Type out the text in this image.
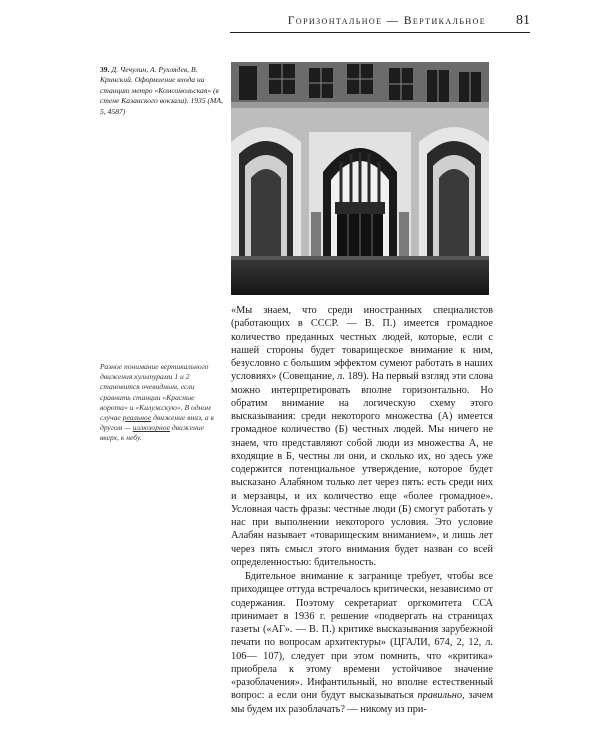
Горизонтальное — Вертикальное 81
39. Д. Чечулин, А. Рухлядев, В. Кринский. Оформление входа на станцию метро «Комсомольская» (в стене Казанского вокзала). 1935 (МА, 5, 4587)
Разное понимание вертикального движения культурами 1 и 2 становится очевидным, если сравнить станции «Красные ворота» и «Калужскую». В одном случае реальное движение вниз, а в другом — иллюзорное движение вверх, к небу.

«Мы знаем, что среди иностранных специалистов (работающих в СССР. — В. П.) имеется громадное количество преданных честных людей, которые, если с нашей стороны будет товарищеское внимание к ним, безусловно с большим эффектом сумеют работать в наших условиях» (Совещание, л. 189). На первый взгляд эти слова можно интерпретировать вполне горизонтально. Но обратим внимание на логическую схему этого высказывания: среди некоторого множества (А) имеется громадное количество (Б) честных людей. Мы ничего не знаем, что представляют собой люди из множества А, не входящие в Б, честны ли они, и сколько их, но здесь уже содержится потенциальное утверждение, которое будет высказано Алабяном только лет через пять: есть среди них и мерзавцы, и их количество еще «более громадное». Условная часть фразы: честные люди (Б) смогут работать у нас при выполнении некоторого условия. Это условие Алабян называет «товарищеским вниманием», и лишь лет через пять смысл этого внимания будет назван со всей определенностью: бдительность.

Бдительное внимание к загранице требует, чтобы все приходящее оттуда встречалось критически, независимо от содержания. Поэтому секретариат оргкомитета ССА принимает в 1936 г. решение «подвергать на страницах газеты («АГ». — В. П.) критике высказывания зарубежной печати по вопросам архитектуры» (ЦГАЛИ, 674, 2, 12, л. 106— 107), следует при этом помнить, что «критика» приобрела к этому времени устойчивое значение «разоблачения». Инфантильный, но вполне естественный вопрос: а если они будут высказываться правильно, зачем мы будем их разоблачать? — никому из при-
